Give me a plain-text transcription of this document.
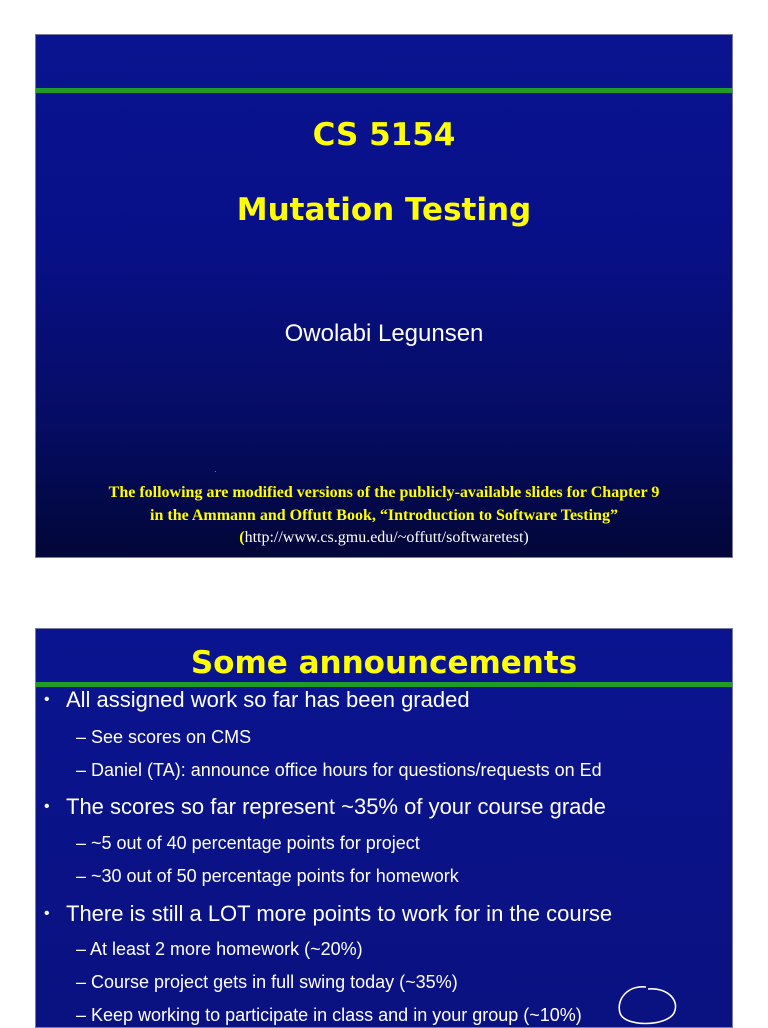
CS 5154
Mutation Testing
Owolabi Legunsen
.
The following are modified versions of the publicly-available slides for Chapter 9
in the Ammann and Offutt Book, “Introduction to Software Testing”
(http://www.cs.gmu.edu/~offutt/softwaretest)
Some announcements
• All assigned work so far has been graded
– See scores on CMS
– Daniel (TA): announce office hours for questions/requests on Ed
• The scores so far represent ~35% of your course grade
– ~5 out of 40 percentage points for project
– ~30 out of 50 percentage points for homework
• There is still a LOT more points to work for in the course
– At least 2 more homework (~20%)
– Course project gets in full swing today (~35%)
– Keep working to participate in class and in your group (~10%)
